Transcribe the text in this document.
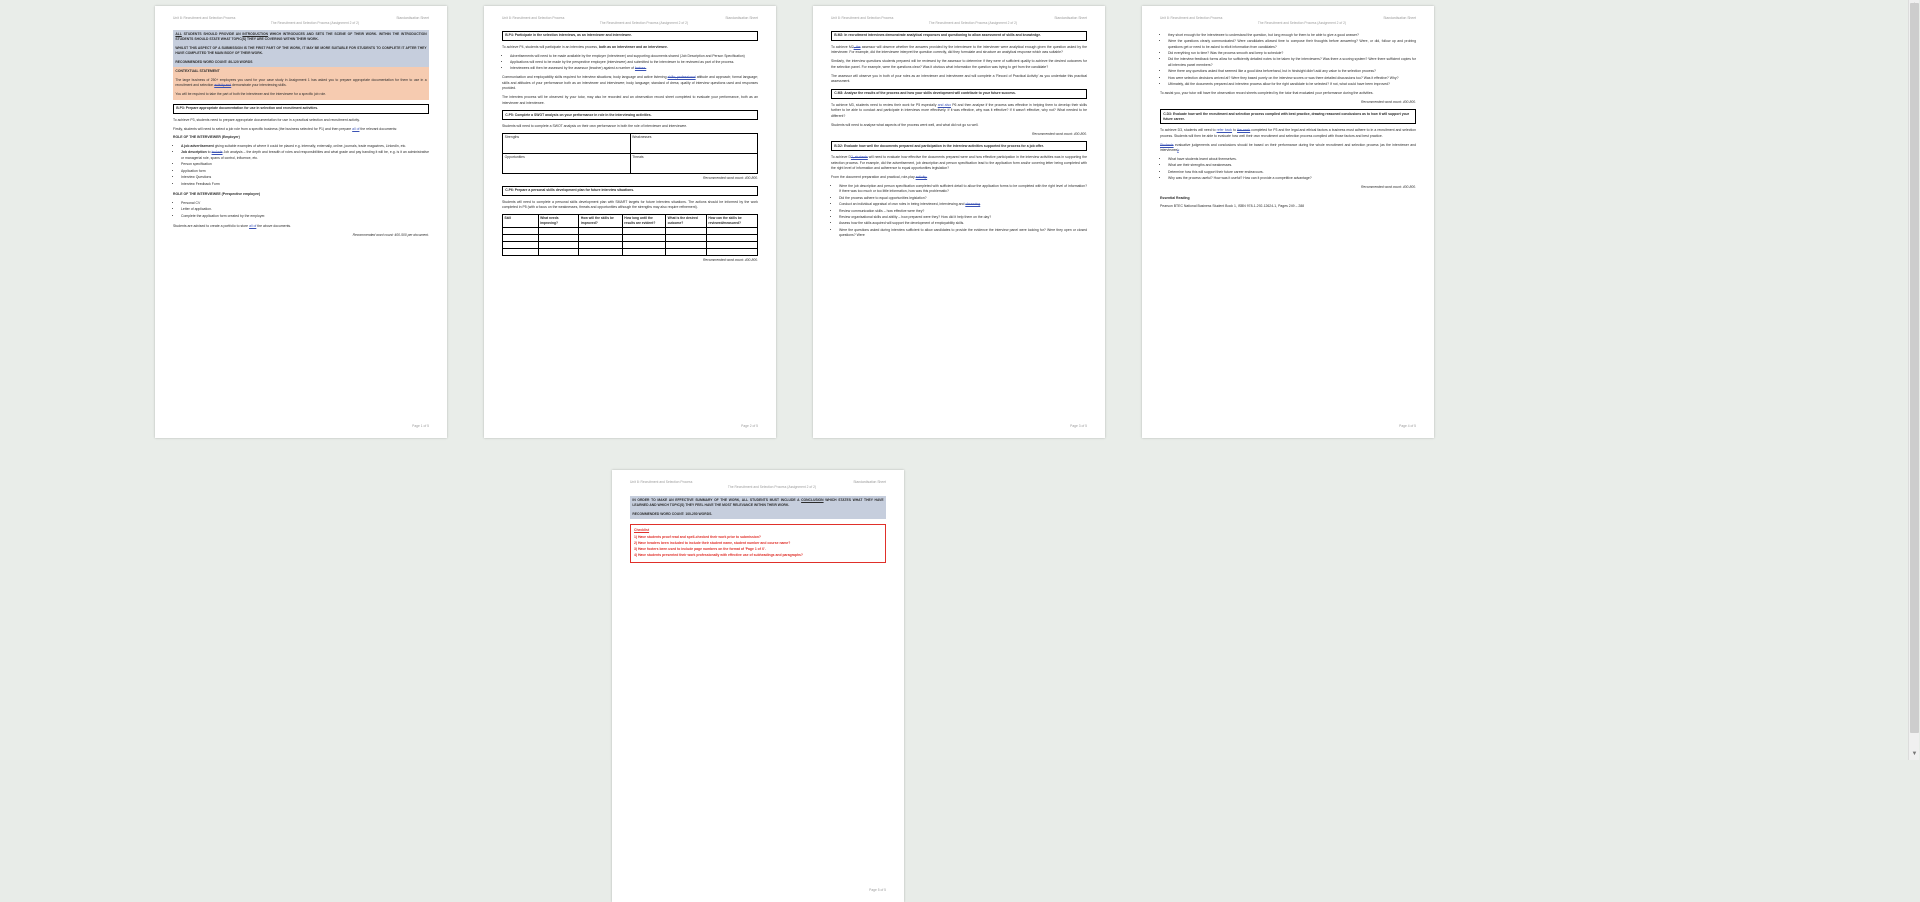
Unit 8: Recruitment and Selection Process	Standardisation Sheet
The Recruitment and Selection Process (Assignment 2 of 2)

ALL STUDENTS SHOULD PROVIDE AN INTRODUCTION WHICH INTRODUCES AND SETS THE SCENE OF THEIR WORK. WITHIN THE INTRODUCTION STUDENTS SHOULD STATE WHAT TOPIC(S) THEY ARE COVERING WITHIN THEIR WORK.

WHILST THIS ASPECT OF A SUBMISSION IS THE FIRST PART OF THE WORK, IT MAY BE MORE SUITABLE FOR STUDENTS TO COMPLETE IT AFTER THEY HAVE COMPLETED THE MAIN BODY OF THEIR WORK.

RECOMMENDED WORD COUNT: 80-120 WORDS

CONTEXTUAL STATEMENT

The large business of 250+ employees you used for your case study in Assignment 1 has asked you to prepare appropriate documentation for them to use in a recruitment and selection activity and demonstrate your interviewing skills.

You will be required to take the part of both the interviewer and the interviewee for a specific job role.

B.P3: Prepare appropriate documentation for use in selection and recruitment activities.

To achieve P3, students need to prepare appropriate documentation for use in a practical selection and recruitment activity.

Firstly, students will need to select a job role from a specific business (the business selected for P1) and then prepare all of the relevant documents:

ROLE OF THE INTERVIEWER (Employer)

• A job advertisement giving suitable examples of where it could be placed e.g. internally, externally, online, journals, trade magazines, LinkedIn, etc.
• Job description to include Job analysis – the depth and breadth of roles and responsibilities and what grade and pay banding it will be, e.g. is it an administrative or managerial role, spans of control, influence, etc.
• Person specification
• Application form
• Interview Questions
• Interview Feedback Form

ROLE OF THE INTERVIEWEE (Perspective employee)

• Personal CV
• Letter of application.
• Complete the application form created by the employer.

Students are advised to create a portfolio to store all of the above documents.

Recommended word count: 400-500 per document.
Page 1 of 5
Unit 8: Recruitment and Selection Process	Standardisation Sheet
The Recruitment and Selection Process (Assignment 2 of 2)
B.P4: Participate in the selection interviews, as an interviewer and interviewee.

To achieve P4, students will participate in an interview process, both as an interviewer and an interviewee.

• Advertisements will need to be made available by the employer (interviewer) and supporting documents shared (Job Description and Person Specification)
• Applications will need to be made by the perspective employee (interviewee) and submitted to the interviewer to be reviewed as part of the process.
• Interviewees will then be assessed by the assessor (teacher) against a number of factors.

Communication and employability skills required for interview situations; body language and active listening skills; professional attitude and approach; formal language; skills and attitudes of your performance both as an interviewer and interviewee; body language; standard of dress; quality of interview questions used and responses provided.

The interview process will be observed by your tutor, may also be recorded and an observation record sheet completed to evaluate your performance, both as an interviewer and interviewee.

C.P5: Complete a SWOT analysis on your performance in role in the interviewing activities.

Students will need to complete a SWOT analysis on their own performance in both the role of interviewer and interviewee.

Strengths	Weaknesses
Opportunities	Threats
Recommended word count: 400-800.
C.P6: Prepare a personal skills development plan for future interview situations.

Students will need to complete a personal skills development plan with SMART targets for future interview situations. The actions should be informed by the work completed in P5 (with a focus on the weaknesses, threats and opportunities although the strengths may also require refinement).

Skill	What needs improving?	How will the skills be improved?	How long until the results are evident?	What is the desired outcome?	How can the skills be reviewed/measured?

Recommended word count: 400-800.
Page 2 of 5
Unit 8: Recruitment and Selection Process	Standardisation Sheet
The Recruitment and Selection Process (Assignment 2 of 2)
B.M2: In recruitment interviews demonstrate analytical responses and questioning to allow assessment of skills and knowledge.

To achieve M2, the assessor will observe whether the answers provided by the interviewee to the interviewer were analytical enough given the question asked by the interviewer. For example, did the interviewee interpret the question correctly, did they formulate and structure an analytical response which was suitable?

Similarly, the interview questions students prepared will be reviewed by the assessor to determine if they were of sufficient quality to achieve the desired outcomes for the selection panel. For example, were the questions clear? Was it obvious what information the question was trying to get from the candidate?

The assessor will observe you in both of your roles as an interviewer and interviewee and will complete a 'Record of Practical Activity' as you undertake this practical assessment.

C.M3: Analyse the results of the process and how your skills development will contribute to your future success.

To achieve M3, students need to review their work for P5 especially and also P6 and then analyse if the process was effective in helping them to develop their skills further to be able to conduct and participate in interviews more effectively. If it was effective, why was it effective? If it wasn't effective, why not? What needed to be different?

Students will need to analyse what aspects of the process went well, and what did not go so well.

Recommended word count: 400-800.
B.D2: Evaluate how well the documents prepared and participation in the interview activities supported the process for a job offer.

To achieve D2, students will need to evaluate how effective the documents prepared were and how effective participation in the interview activities was in supporting the selection process. For example, did the advertisement, job description and person specification lead to the application form and/or covering letter being completed with the right level of information and adherence to equal opportunities legislation?

From the document preparation and practical, role-play activity:

• Were the job description and person specification completed with sufficient detail to allow the application forms to be completed with the right level of information? If there was too much or too little information, how was this problematic?
• Did the process adhere to equal opportunities legislation?
• Conduct an individual appraisal of own roles in being interviewed, interviewing and observing
• Review communication skills – how effective were they?
• Review organisational skills and ability – how prepared were they? How did it help them on the day?
• Assess how the skills acquired will support the development of employability skills.
• Were the questions asked during interview sufficient to allow candidates to provide the evidence the interview panel were looking for? Were they open or closed questions? Were
Page 3 of 5
Unit 8: Recruitment and Selection Process	Standardisation Sheet
The Recruitment and Selection Process (Assignment 2 of 2)
• they short enough for the interviewee to understand the question, but long enough for them to be able to give a good answer?
• Were the questions clearly communicated? Were candidates allowed time to compose their thoughts before answering? Were, or did, follow up and probing questions get or need to be asked to elicit information from candidates?
• Did everything run to time? Was the process smooth and keep to schedule?
• Did the interview feedback forms allow for sufficiently detailed notes to be taken by the interviewers? Was there a scoring system? Were there sufficient copies for all interview panel members?
• Were there any questions asked that seemed like a good idea beforehand, but in hindsight didn't add any value to the selection process?
• How were selection decisions arrived at? Were they based purely on the interview scores or was there detailed discussions too? Was it effective? Why?
• Ultimately, did the documents prepared and interview process allow for the right candidate to be selected? If not, what could have been improved?

To assist you, your tutor will have the observation record sheets completed by the tutor that evaluated your performance during the activities.

Recommended word count: 400-800.
C.D3: Evaluate how well the recruitment and selection process complied with best practice, drawing reasoned conclusions as to how it will support your future career.

To achieve D3, students will need to refer back to the work completed for P3 and the legal and ethical factors a business must adhere to in a recruitment and selection process. Students will then be able to evaluate how well their own recruitment and selection process complied with those factors and best practice.

Students evaluative judgements and conclusions should be based on their performance during the whole recruitment and selection process (as the interviewer and interviewee):

• What have students learnt about themselves.
• What are their strengths and weaknesses.
• Determine how this will support their future career endeavours.
• Why was the process useful? How was it useful? How can it provide a competitive advantage?
Recommended word count: 400-800.
Essential Reading
Pearson BTEC National Business Student Book 1, ISBN 978-1-292-12624-1, Pages 249 – 288
Page 4 of 5
Unit 8: Recruitment and Selection Process	Standardisation Sheet
The Recruitment and Selection Process (Assignment 2 of 2)

IN ORDER TO MAKE AN EFFECTIVE SUMMARY OF THE WORK, ALL STUDENTS MUST INCLUDE A CONCLUSION WHICH STATES WHAT THEY HAVE LEARNED AND WHICH TOPIC(S) THEY FEEL HAVE THE MOST RELEVANCE WITHIN THEIR WORK.

RECOMMENDED WORD COUNT: 100-250 WORDS.

Checklist
1) Have students proof read and spell-checked their work prior to submission?
2) Have headers been included to include their student name, student number and course name?
3) Have footers been used to include page numbers on the format of 'Page 1 of X'.
4) Have students presented their work professionally with effective use of subheadings and paragraphs?
Page 5 of 5
▼
